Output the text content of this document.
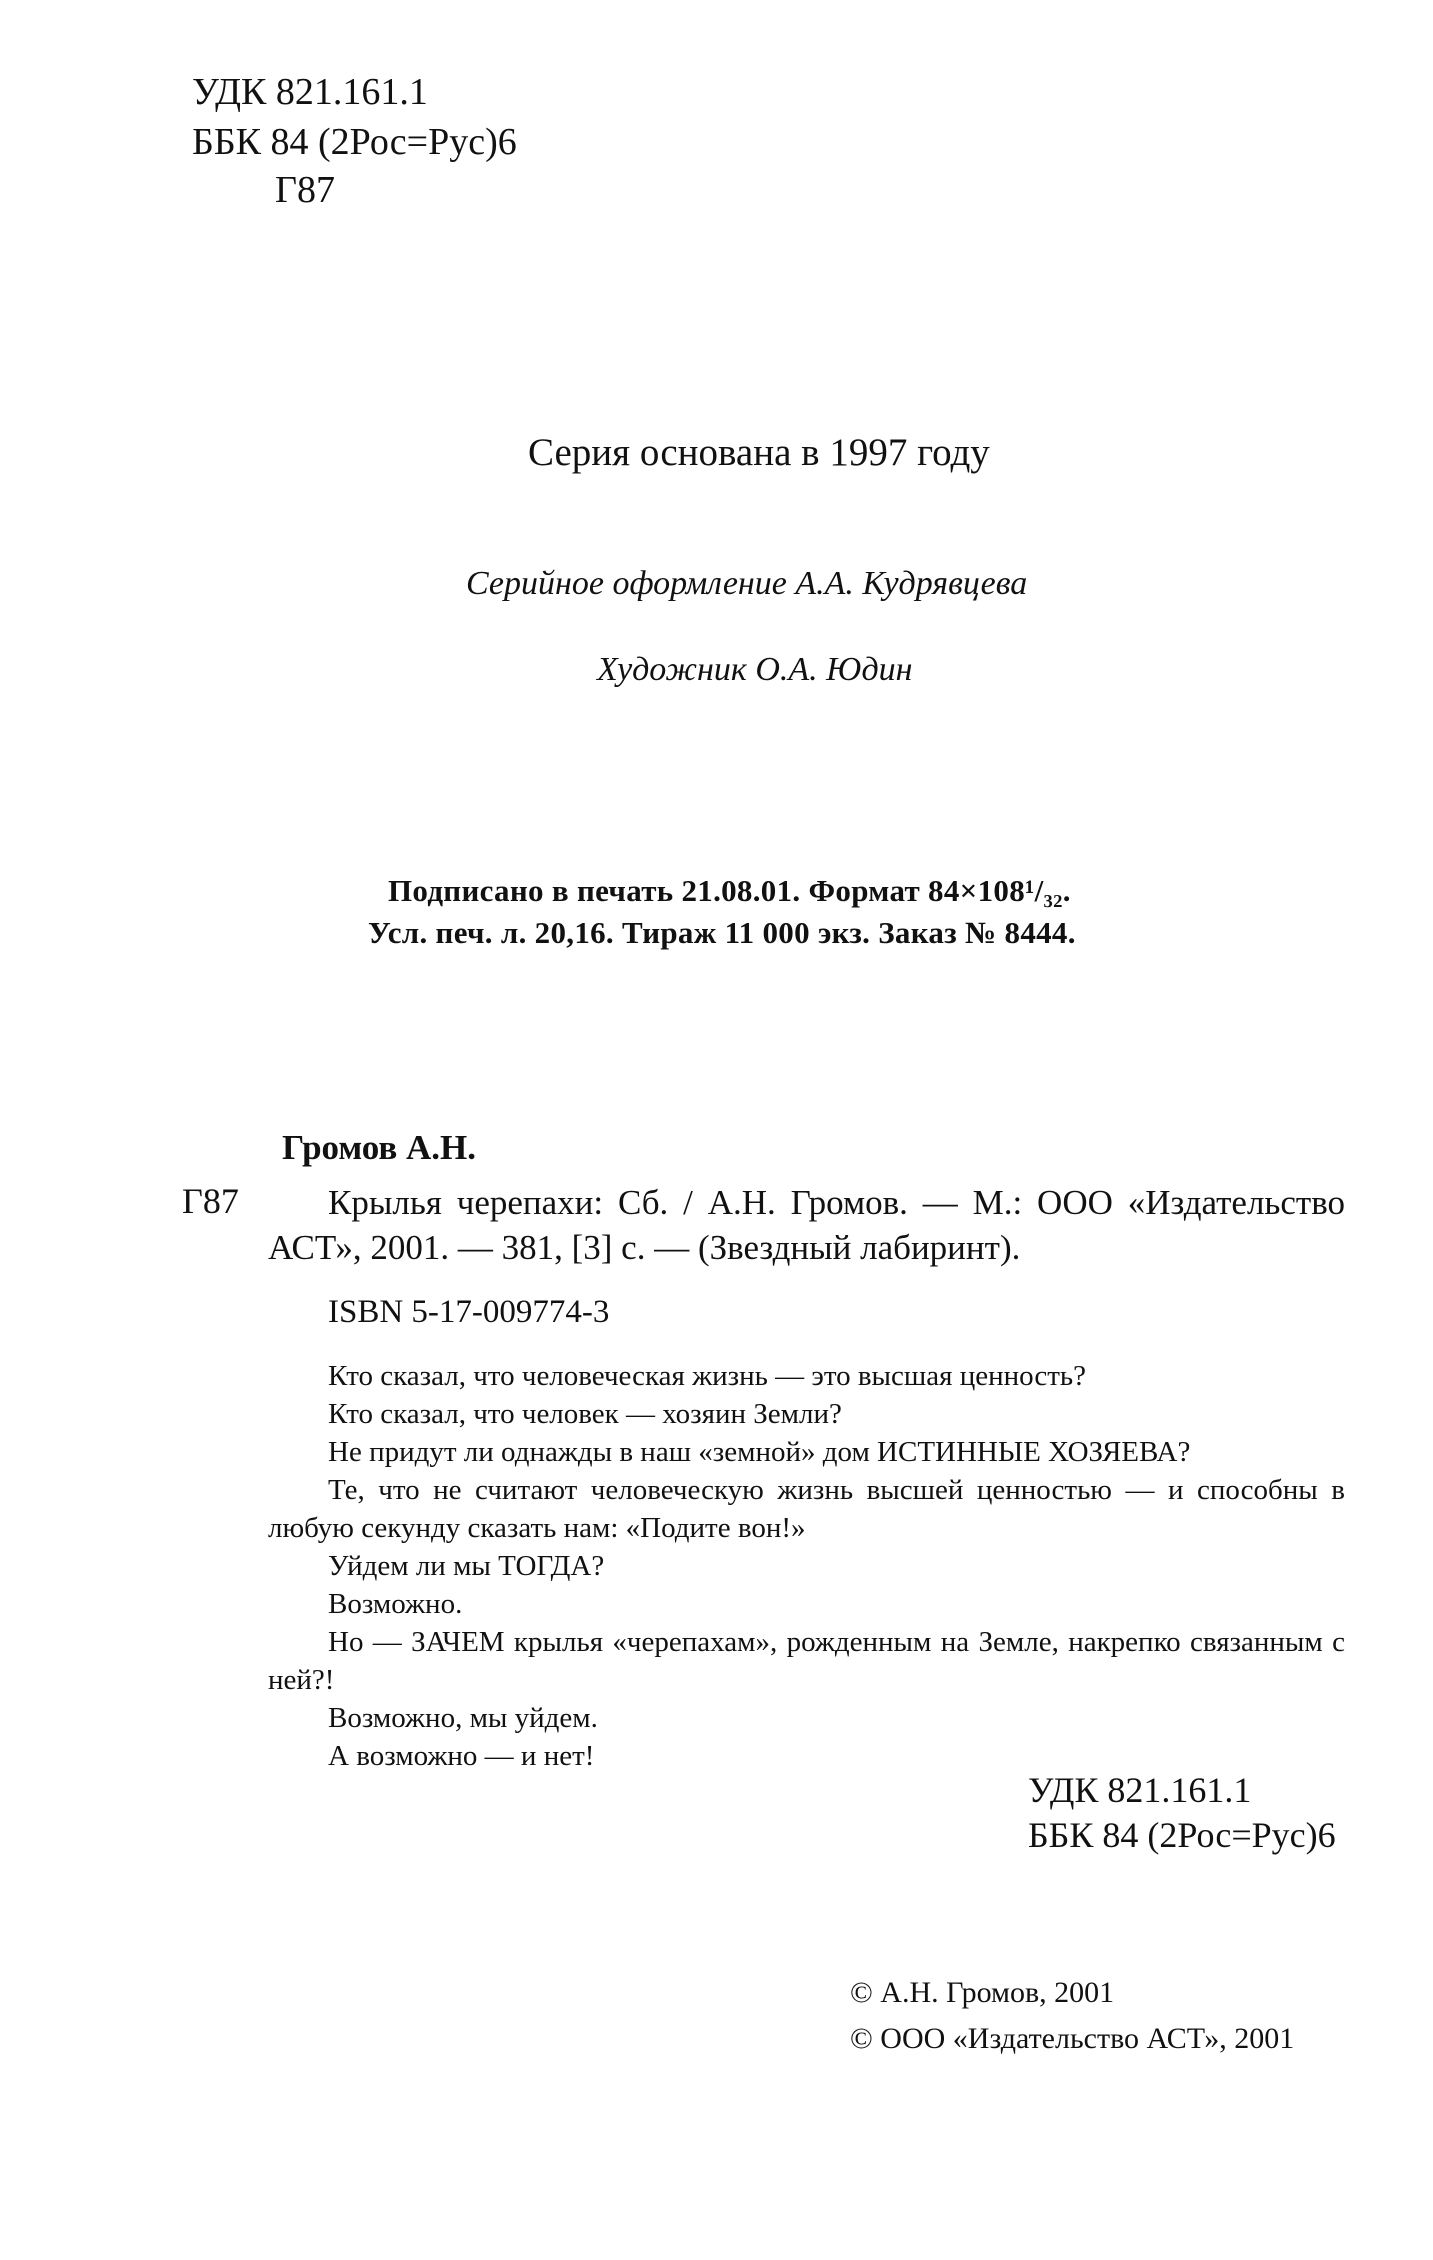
УДК 821.161.1
ББК 84 (2Рос=Рус)6
Г87
Серия основана в 1997 году
Серийное оформление А.А. Кудрявцева
Художник О.А. Юдин
Подписано в печать 21.08.01. Формат 84×108¹/₃₂.
Усл. печ. л. 20,16. Тираж 11 000 экз. Заказ № 8444.
Громов А.Н.
Г87	Крылья черепахи: Сб. / А.Н. Громов. — М.: ООО «Издательство АСТ», 2001. — 381, [3] с. — (Звездный лабиринт).
ISBN 5-17-009774-3

Кто сказал, что человеческая жизнь — это высшая ценность?

Кто сказал, что человек — хозяин Земли?

Не придут ли однажды в наш «земной» дом ИСТИННЫЕ ХОЗЯЕВА?

Те, что не считают человеческую жизнь высшей ценностью — и способны в любую секунду сказать нам: «Подите вон!»

Уйдем ли мы ТОГДА?

Возможно.

Но — ЗАЧЕМ крылья «черепахам», рожденным на Земле, накрепко связанным с ней?!

Возможно, мы уйдем.

А возможно — и нет!

УДК 821.161.1
ББК 84 (2Рос=Рус)6
© А.Н. Громов, 2001
© ООО «Издательство АСТ», 2001
